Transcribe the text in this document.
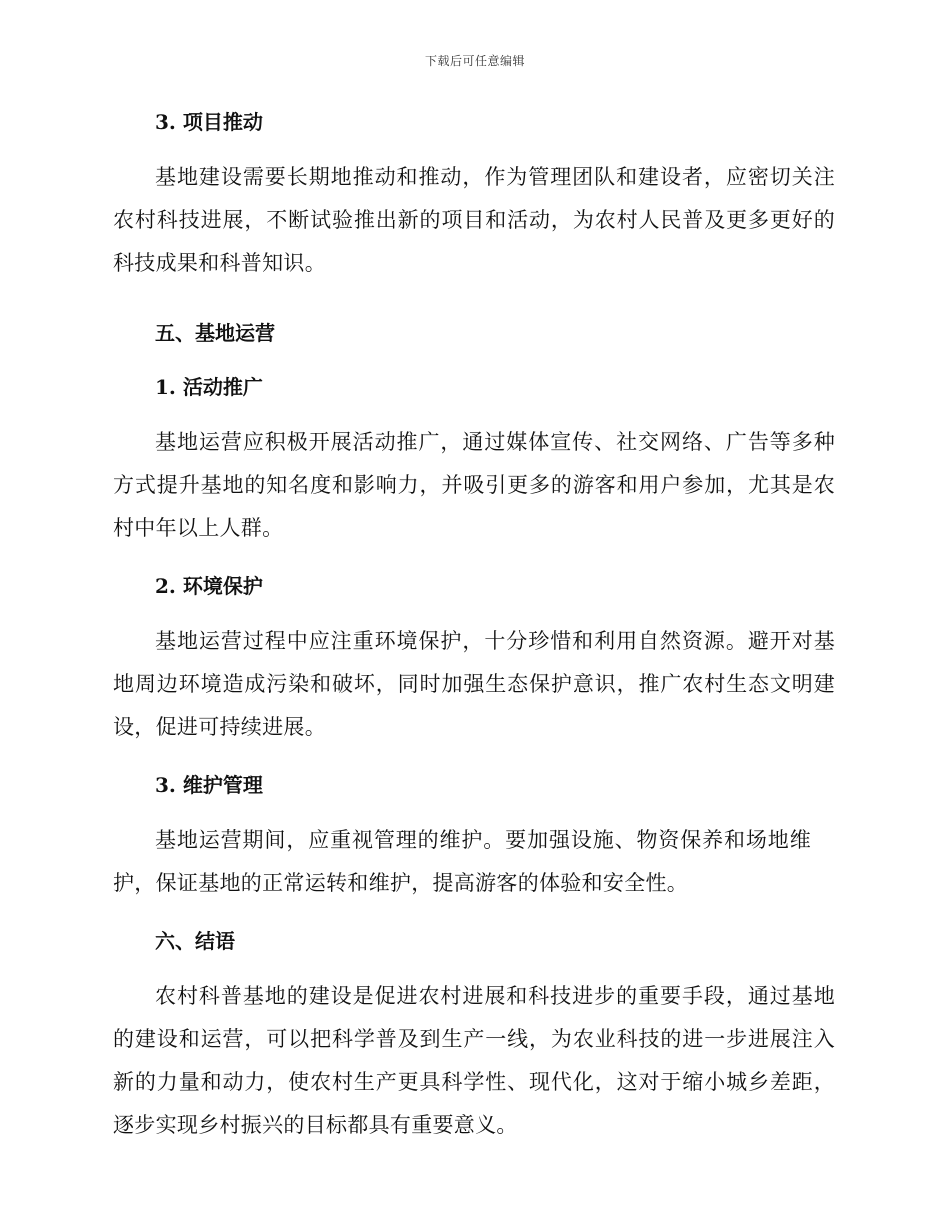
下载后可任意编辑

3. 项目推动

基地建设需要长期地推动和推动，作为管理团队和建设者，应密切关注农村科技进展，不断试验推出新的项目和活动，为农村人民普及更多更好的科技成果和科普知识。

五、基地运营

1. 活动推广

基地运营应积极开展活动推广，通过媒体宣传、社交网络、广告等多种方式提升基地的知名度和影响力，并吸引更多的游客和用户参加，尤其是农村中年以上人群。

2. 环境保护

基地运营过程中应注重环境保护，十分珍惜和利用自然资源。避开对基地周边环境造成污染和破坏，同时加强生态保护意识，推广农村生态文明建设，促进可持续进展。

3. 维护管理

基地运营期间，应重视管理的维护。要加强设施、物资保养和场地维护，保证基地的正常运转和维护，提高游客的体验和安全性。

六、结语

农村科普基地的建设是促进农村进展和科技进步的重要手段，通过基地的建设和运营，可以把科学普及到生产一线，为农业科技的进一步进展注入新的力量和动力，使农村生产更具科学性、现代化，这对于缩小城乡差距，逐步实现乡村振兴的目标都具有重要意义。
